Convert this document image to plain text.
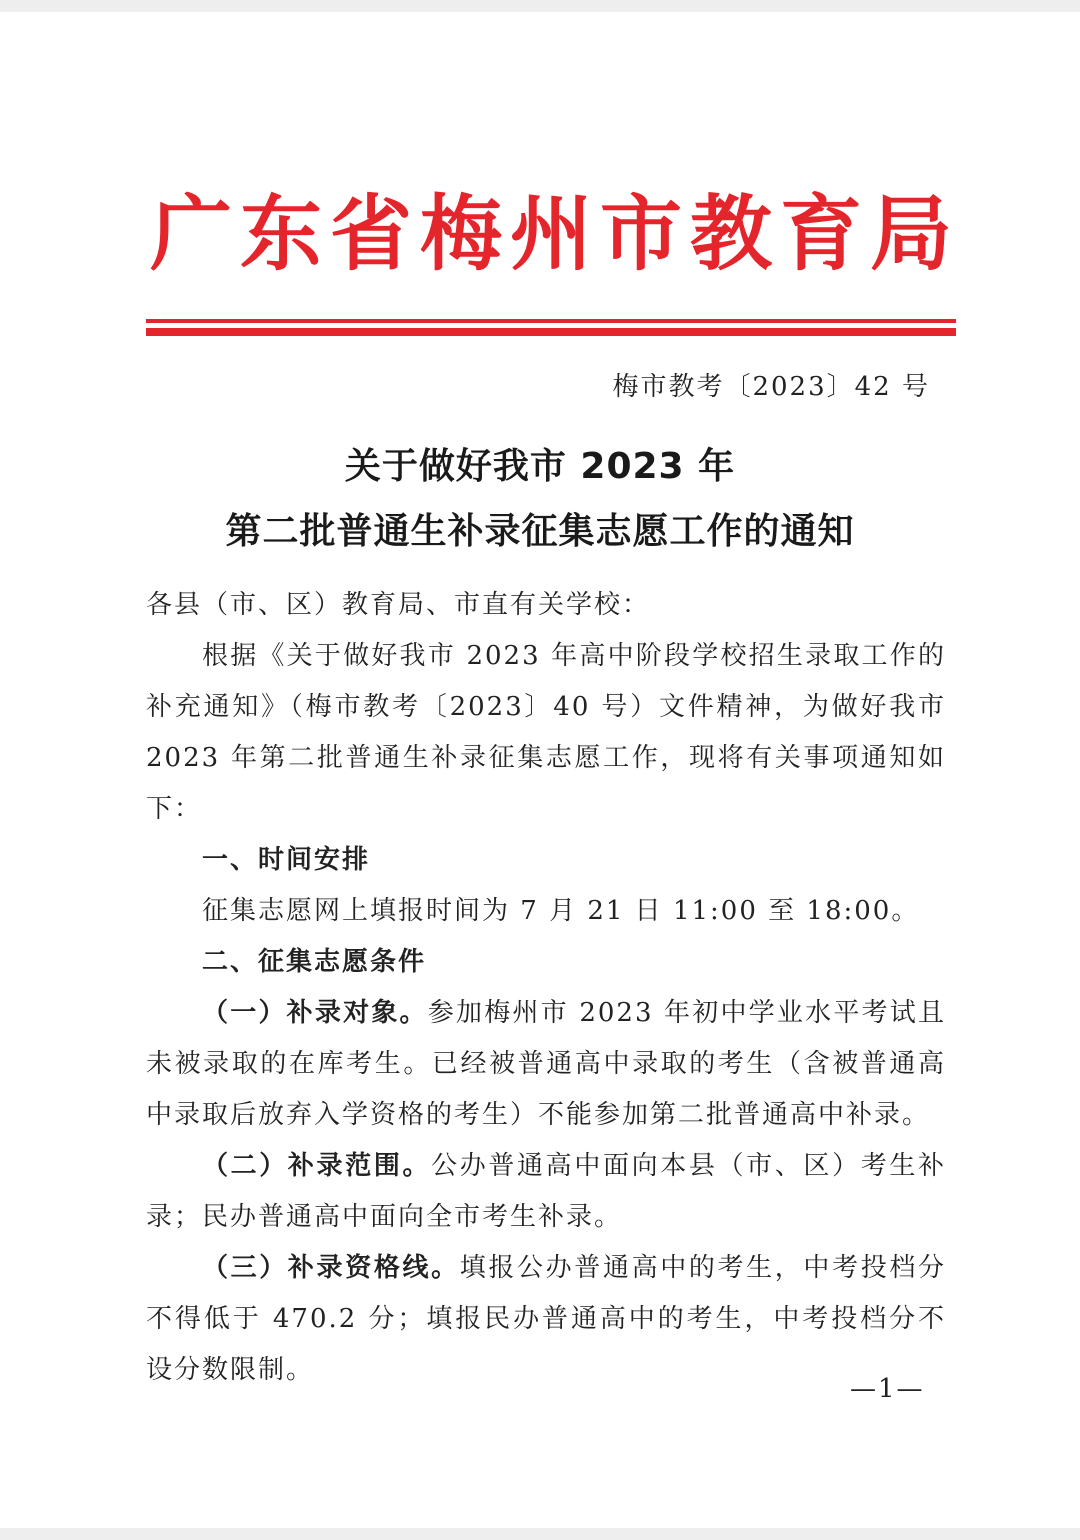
广东省梅州市教育局
梅市教考〔2023〕42 号
关于做好我市 2023 年
第二批普通生补录征集志愿工作的通知

各县（市、区）教育局、市直有关学校：

根据《关于做好我市 2023 年高中阶段学校招生录取工作的补充通知》（梅市教考〔2023〕40 号）文件精神，为做好我市 2023 年第二批普通生补录征集志愿工作，现将有关事项通知如下：

一、时间安排

征集志愿网上填报时间为 7 月 21 日 11:00 至 18:00。

二、征集志愿条件

（一）补录对象。参加梅州市 2023 年初中学业水平考试且未被录取的在库考生。已经被普通高中录取的考生（含被普通高中录取后放弃入学资格的考生）不能参加第二批普通高中补录。

（二）补录范围。公办普通高中面向本县（市、区）考生补录；民办普通高中面向全市考生补录。

（三）补录资格线。填报公办普通高中的考生，中考投档分不得低于 470.2 分；填报民办普通高中的考生，中考投档分不设分数限制。

—1—
